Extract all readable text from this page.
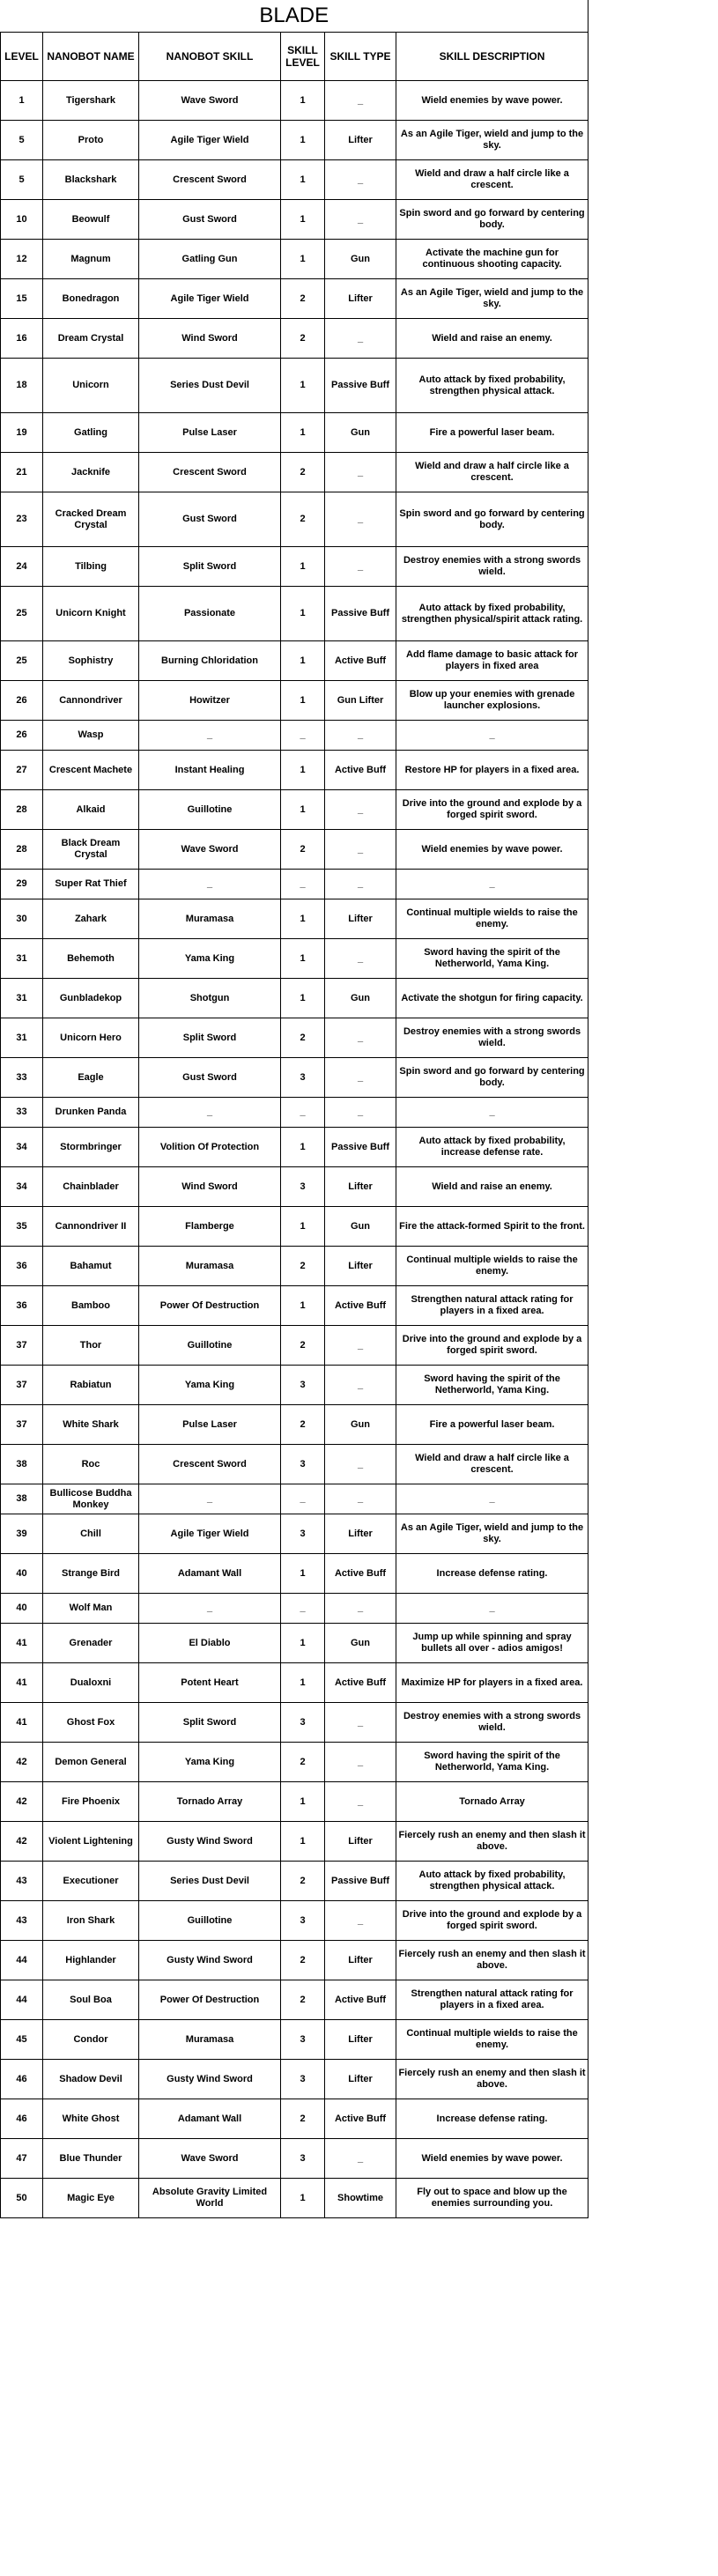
BLADE					
LEVEL	NANOBOT NAME	NANOBOT SKILL	SKILL LEVEL	SKILL TYPE	SKILL DESCRIPTION
1	Tigershark	Wave Sword	1	_	Wield enemies by wave power.
5	Proto	Agile Tiger Wield	1	Lifter	As an Agile Tiger, wield and jump to the sky.
5	Blackshark	Crescent Sword	1	_	Wield and draw a half circle like a crescent.
10	Beowulf	Gust Sword	1	_	Spin sword and go forward by centering body.
12	Magnum	Gatling Gun	1	Gun	Activate the machine gun for continuous shooting capacity.
15	Bonedragon	Agile Tiger Wield	2	Lifter	As an Agile Tiger, wield and jump to the sky.
16	Dream Crystal	Wind Sword	2	_	Wield and raise an enemy.
18	Unicorn	Series Dust Devil	1	Passive Buff	Auto attack by fixed probability, strengthen physical attack.
19	Gatling	Pulse Laser	1	Gun	Fire a powerful laser beam.
21	Jacknife	Crescent Sword	2	_	Wield and draw a half circle like a crescent.
23	Cracked Dream Crystal	Gust Sword	2	_	Spin sword and go forward by centering body.
24	Tilbing	Split Sword	1	_	Destroy enemies with a strong swords wield.
25	Unicorn Knight	Passionate	1	Passive Buff	Auto attack by fixed probability, strengthen physical/spirit attack rating.
25	Sophistry	Burning Chloridation	1	Active Buff	Add flame damage to basic attack for players in fixed area
26	Cannondriver	Howitzer	1	Gun Lifter	Blow up your enemies with grenade launcher explosions.
26	Wasp	_	_	_	_
27	Crescent Machete	Instant Healing	1	Active Buff	Restore HP for players in a fixed area.
28	Alkaid	Guillotine	1	_	Drive into the ground and explode by a forged spirit sword.
28	Black Dream Crystal	Wave Sword	2	_	Wield enemies by wave power.
29	Super Rat Thief	_	_	_	_
30	Zahark	Muramasa	1	Lifter	Continual multiple wields to raise the enemy.
31	Behemoth	Yama King	1	_	Sword having the spirit of the Netherworld, Yama King.
31	Gunbladekop	Shotgun	1	Gun	Activate the shotgun for firing capacity.
31	Unicorn Hero	Split Sword	2	_	Destroy enemies with a strong swords wield.
33	Eagle	Gust Sword	3	_	Spin sword and go forward by centering body.
33	Drunken Panda	_	_	_	_
34	Stormbringer	Volition Of Protection	1	Passive Buff	Auto attack by fixed probability, increase defense rate.
34	Chainblader	Wind Sword	3	Lifter	Wield and raise an enemy.
35	Cannondriver II	Flamberge	1	Gun	Fire the attack-formed Spirit to the front.
36	Bahamut	Muramasa	2	Lifter	Continual multiple wields to raise the enemy.
36	Bamboo	Power Of Destruction	1	Active Buff	Strengthen natural attack rating for players in a fixed area.
37	Thor	Guillotine	2	_	Drive into the ground and explode by a forged spirit sword.
37	Rabiatun	Yama King	3	_	Sword having the spirit of the Netherworld, Yama King.
37	White Shark	Pulse Laser	2	Gun	Fire a powerful laser beam.
38	Roc	Crescent Sword	3	_	Wield and draw a half circle like a crescent.
38	Bullicose Buddha Monkey	_	_	_	_
39	Chill	Agile Tiger Wield	3	Lifter	As an Agile Tiger, wield and jump to the sky.
40	Strange Bird	Adamant Wall	1	Active Buff	Increase defense rating.
40	Wolf Man	_	_	_	_
41	Grenader	El Diablo	1	Gun	Jump up while spinning and spray bullets all over - adios amigos!
41	Dualoxni	Potent Heart	1	Active Buff	Maximize HP for players in a fixed area.
41	Ghost Fox	Split Sword	3	_	Destroy enemies with a strong swords wield.
42	Demon General	Yama King	2	_	Sword having the spirit of the Netherworld, Yama King.
42	Fire Phoenix	Tornado Array	1	_	Tornado Array
42	Violent Lightening	Gusty Wind Sword	1	Lifter	Fiercely rush an enemy and then slash it above.
43	Executioner	Series Dust Devil	2	Passive Buff	Auto attack by fixed probability, strengthen physical attack.
43	Iron Shark	Guillotine	3	_	Drive into the ground and explode by a forged spirit sword.
44	Highlander	Gusty Wind Sword	2	Lifter	Fiercely rush an enemy and then slash it above.
44	Soul Boa	Power Of Destruction	2	Active Buff	Strengthen natural attack rating for players in a fixed area.
45	Condor	Muramasa	3	Lifter	Continual multiple wields to raise the enemy.
46	Shadow Devil	Gusty Wind Sword	3	Lifter	Fiercely rush an enemy and then slash it above.
46	White Ghost	Adamant Wall	2	Active Buff	Increase defense rating.
47	Blue Thunder	Wave Sword	3	_	Wield enemies by wave power.
50	Magic Eye	Absolute Gravity Limited World	1	Showtime	Fly out to space and blow up the enemies surrounding you.
